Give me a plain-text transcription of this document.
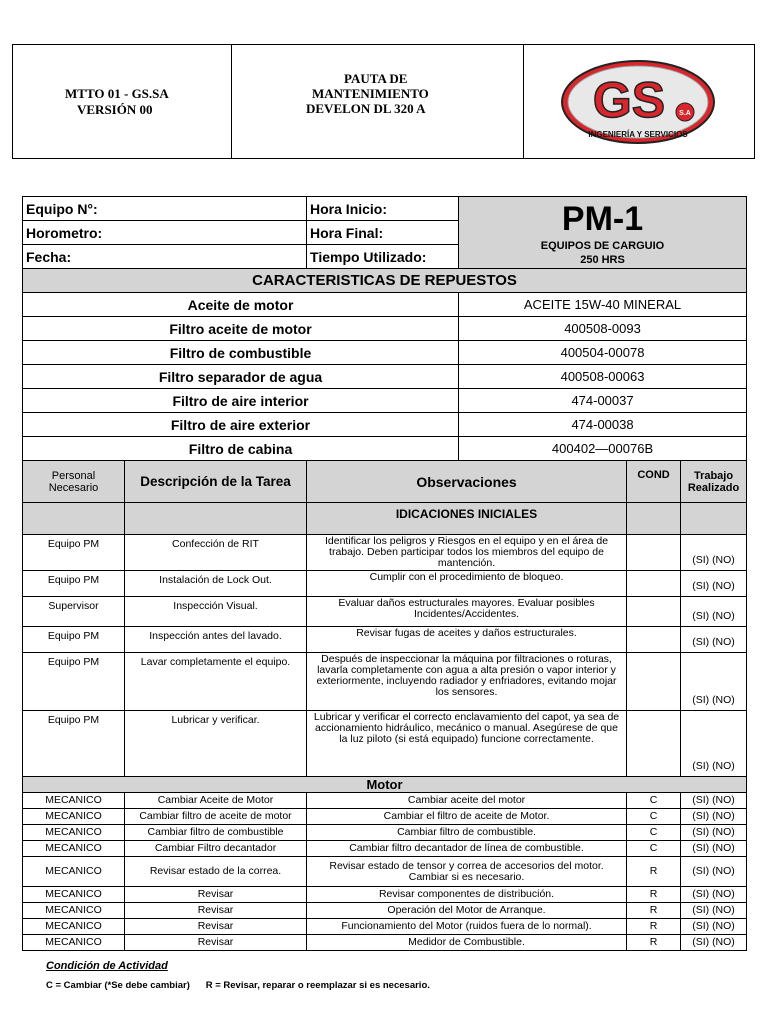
MTTO 01 - GS.SA
VERSIÓN 00
PAUTA DE
MANTENIMIENTO
DEVELON DL 320 A	GS S.A
INGENIERÍA Y SERVICIOS
Equipo N°:		Hora Inicio:	PM-1
EQUIPOS DE CARGUIO
250 HRS		

Horometro:		Hora Final:			
Fecha:		Tiempo Utilizado:			
CARACTERISTICAS DE REPUESTOS					
Aceite de motor			ACEITE 15W-40 MINERAL		
Filtro aceite de motor			400508-0093		
Filtro de combustible			400504-00078		
Filtro separador de agua			400508-00063		
Filtro de aire interior			474-00037		
Filtro de aire exterior			474-00038		
Filtro de cabina			400402—00076B		
Personal Necesario	Descripción de la Tarea	Observaciones		COND	Trabajo Realizado
		IDICACIONES INICIALES			
Equipo PM	Confección de RIT	Identificar los peligros y Riesgos en el equipo y en el área de trabajo. Deben participar todos los miembros del equipo de mantención.			(SI) (NO)
Equipo PM	Instalación de Lock Out.	Cumplir con el procedimiento de bloqueo.			(SI) (NO)
Supervisor	Inspección Visual.	Evaluar daños estructurales mayores. Evaluar posibles Incidentes/Accidentes.			(SI) (NO)
Equipo PM	Inspección antes del lavado.	Revisar fugas de aceites y daños estructurales.			(SI) (NO)
Equipo PM	Lavar completamente el equipo.	Después de inspeccionar la máquina por filtraciones o roturas, lavarla completamente con agua a alta presión o vapor interior y exteriormente, incluyendo radiador y enfriadores, evitando mojar los sensores.			(SI) (NO)
Equipo PM	Lubricar y verificar.	Lubricar y verificar el correcto enclavamiento del capot, ya sea de accionamiento hidráulico, mecánico o manual. Asegúrese de que la luz piloto (si está equipado) funcione correctamente.			(SI) (NO)
Motor					
MECANICO	Cambiar Aceite de Motor	Cambiar aceite del motor		C	(SI) (NO)
MECANICO	Cambiar filtro de aceite de motor	Cambiar el filtro de aceite de Motor.		C	(SI) (NO)
MECANICO	Cambiar filtro de combustible	Cambiar filtro de combustible.		C	(SI) (NO)
MECANICO	Cambiar Filtro decantador	Cambiar filtro decantador de línea de combustible.		C	(SI) (NO)
MECANICO	Revisar estado de la correa.	Revisar estado de tensor y correa de accesorios del motor. Cambiar si es necesario.		R	(SI) (NO)
MECANICO	Revisar	Revisar componentes de distribución.		R	(SI) (NO)
MECANICO	Revisar	Operación del Motor de Arranque.		R	(SI) (NO)
MECANICO	Revisar	Funcionamiento del Motor (ruidos fuera de lo normal).		R	(SI) (NO)
MECANICO	Revisar	Medidor de Combustible.		R	(SI) (NO)
Condición de Actividad
C = Cambiar (*Se debe cambiar)      R = Revisar, reparar o reemplazar si es necesario.
